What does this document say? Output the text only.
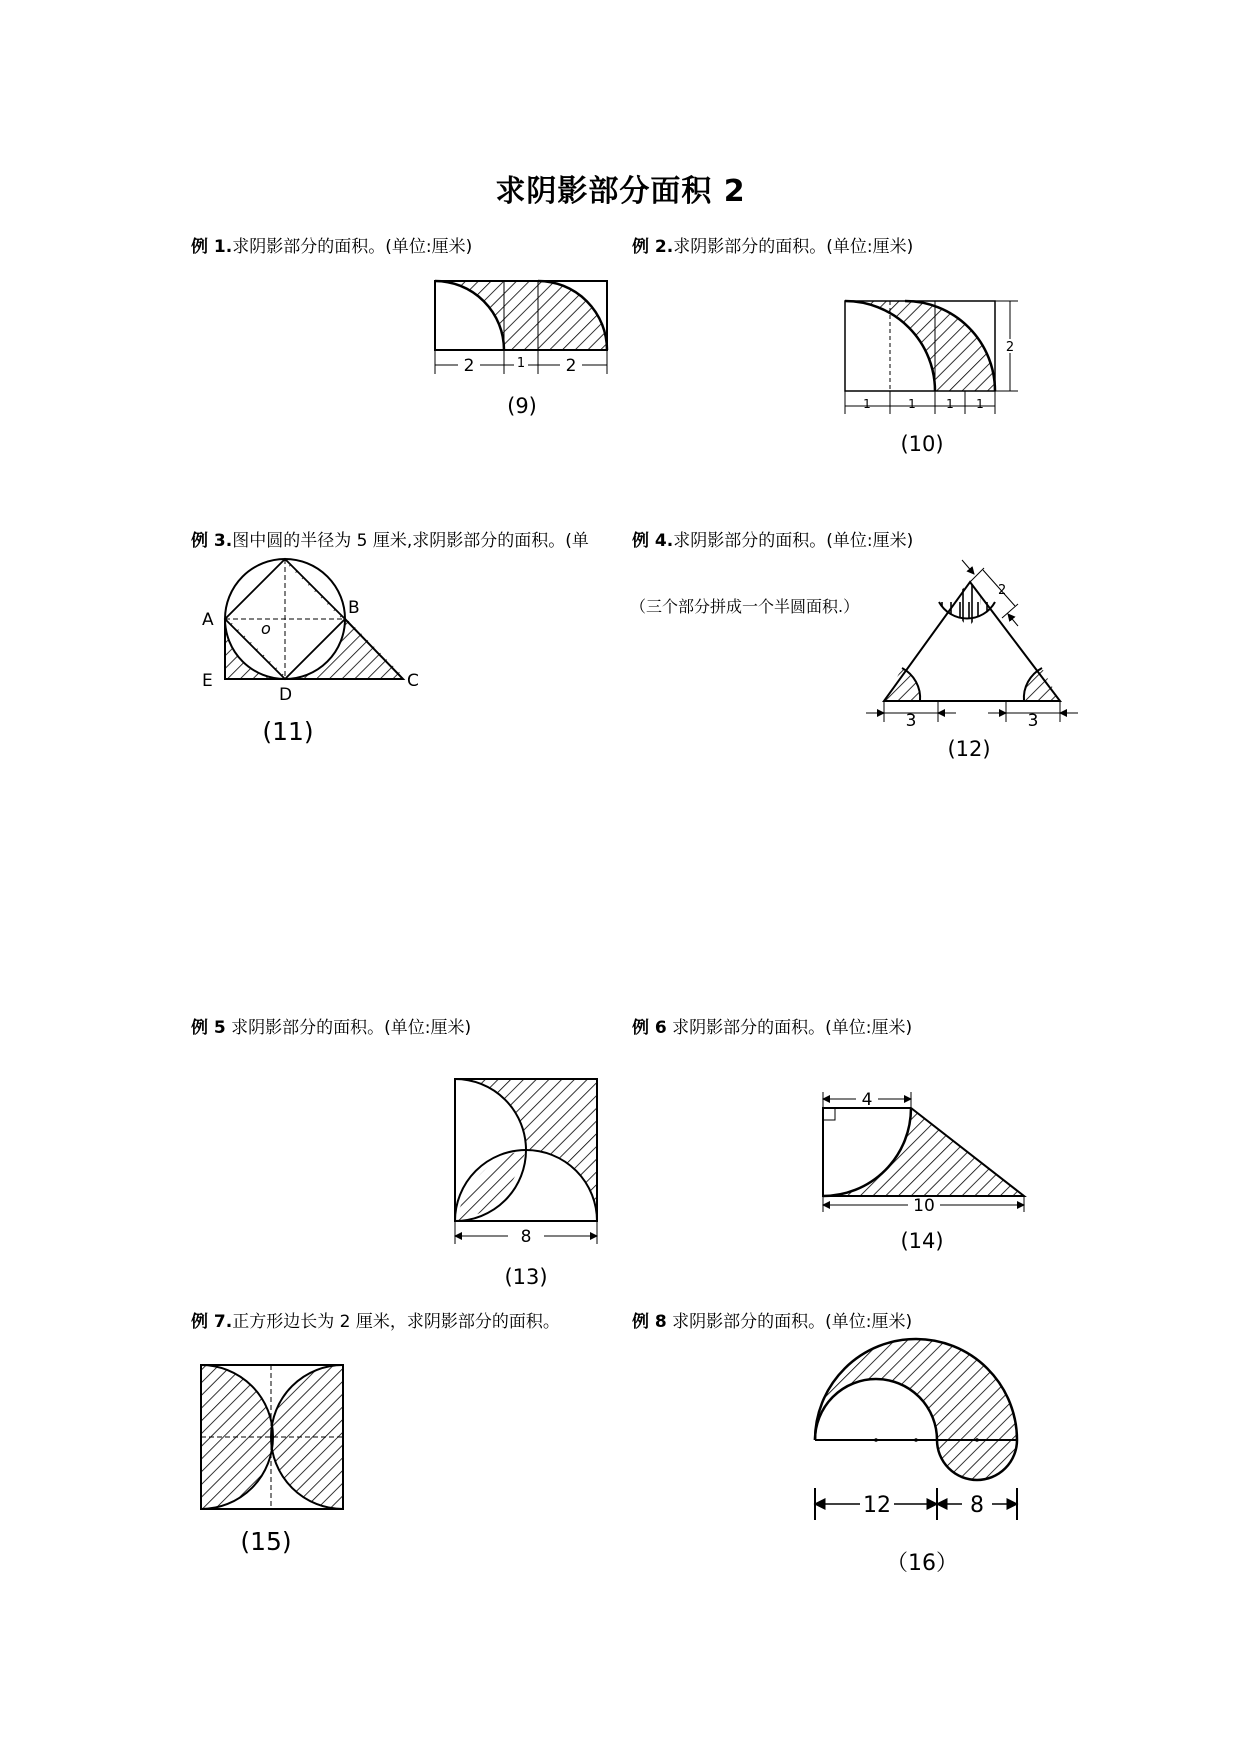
求阴影部分面积 2
例 1.求阴影部分的面积。(单位:厘米)	例 2.求阴影部分的面积。(单位:厘米)
例 3.图中圆的半径为 5 厘米,求阴影部分的面积。(单	例 4.求阴影部分的面积。(单位:厘米)
（三个部分拼成一个半圆面积.）
例 5 求阴影部分的面积。(单位:厘米)	例 6 求阴影部分的面积。(单位:厘米)
例 7.正方形边长为 2 厘米，求阴影部分的面积。	例 8 求阴影部分的面积。(单位:厘米)
2	1 2
(9)
2
1	1	1 1
(10)
A
B
C
D
E
o
(11)	3	3
2
(12)
8
(13)
4
10
(14)
(15)
12	8
（16）
